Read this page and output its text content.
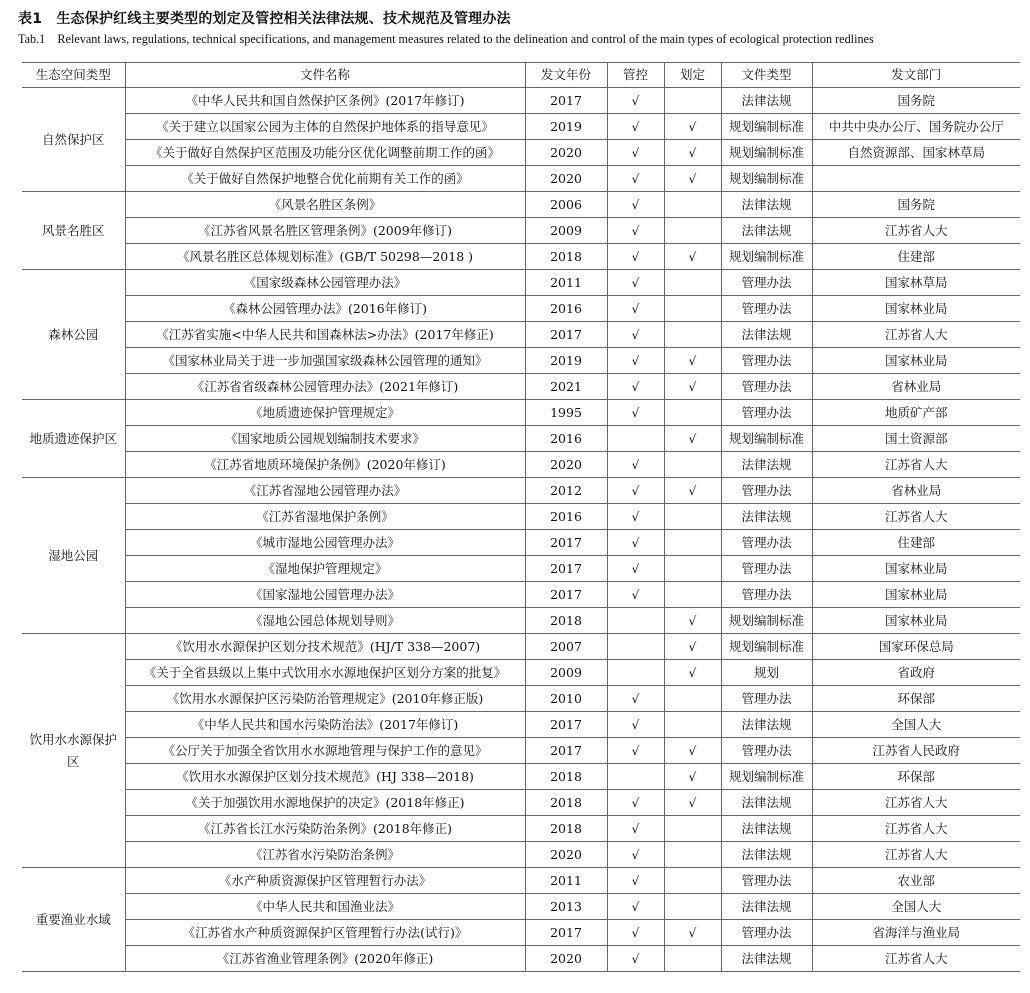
表1　生态保护红线主要类型的划定及管控相关法律法规、技术规范及管理办法
Tab.1　Relevant laws, regulations, technical specifications, and management measures related to the delineation and control of the main types of ecological protection redlines
生态空间类型	文件名称	发文年份	管控	划定	文件类型	发文部门
自然保护区	《中华人民共和国自然保护区条例》(2017年修订)	2017	√		法律法规	国务院
	《关于建立以国家公园为主体的自然保护地体系的指导意见》	2019	√	√	规划编制标准	中共中央办公厅、国务院办公厅
	《关于做好自然保护区范围及功能分区优化调整前期工作的函》	2020	√	√	规划编制标准	自然资源部、国家林草局
	《关于做好自然保护地整合优化前期有关工作的函》	2020	√	√	规划编制标准	
风景名胜区	《风景名胜区条例》	2006	√		法律法规	国务院
	《江苏省风景名胜区管理条例》(2009年修订)	2009	√		法律法规	江苏省人大
	《风景名胜区总体规划标准》(GB/T 50298—2018 )	2018	√	√	规划编制标准	住建部
森林公园	《国家级森林公园管理办法》	2011	√		管理办法	国家林草局
	《森林公园管理办法》(2016年修订)	2016	√		管理办法	国家林业局
	《江苏省实施<中华人民共和国森林法>办法》(2017年修正)	2017	√		法律法规	江苏省人大
	《国家林业局关于进一步加强国家级森林公园管理的通知》	2019	√	√	管理办法	国家林业局
	《江苏省省级森林公园管理办法》(2021年修订)	2021	√	√	管理办法	省林业局
地质遗迹保护区	《地质遗迹保护管理规定》	1995	√		管理办法	地质矿产部
	《国家地质公园规划编制技术要求》	2016		√	规划编制标准	国土资源部
	《江苏省地质环境保护条例》(2020年修订)	2020	√		法律法规	江苏省人大
湿地公园	《江苏省湿地公园管理办法》	2012	√	√	管理办法	省林业局
	《江苏省湿地保护条例》	2016	√		法律法规	江苏省人大
	《城市湿地公园管理办法》	2017	√		管理办法	住建部
	《湿地保护管理规定》	2017	√		管理办法	国家林业局
	《国家湿地公园管理办法》	2017	√		管理办法	国家林业局
	《湿地公园总体规划导则》	2018		√	规划编制标准	国家林业局
饮用水水源保护区	《饮用水水源保护区划分技术规范》(HJ/T 338—2007)	2007		√	规划编制标准	国家环保总局
	《关于全省县级以上集中式饮用水水源地保护区划分方案的批复》	2009		√	规划	省政府
	《饮用水水源保护区污染防治管理规定》(2010年修正版)	2010	√		管理办法	环保部
	《中华人民共和国水污染防治法》(2017年修订)	2017	√		法律法规	全国人大
	《公厅关于加强全省饮用水水源地管理与保护工作的意见》	2017	√	√	管理办法	江苏省人民政府
	《饮用水水源保护区划分技术规范》(HJ 338—2018)	2018		√	规划编制标准	环保部
	《关于加强饮用水源地保护的决定》(2018年修正)	2018	√	√	法律法规	江苏省人大
	《江苏省长江水污染防治条例》(2018年修正)	2018	√		法律法规	江苏省人大
	《江苏省水污染防治条例》	2020	√		法律法规	江苏省人大
重要渔业水域	《水产种质资源保护区管理暂行办法》	2011	√		管理办法	农业部
	《中华人民共和国渔业法》	2013	√		法律法规	全国人大
	《江苏省水产种质资源保护区管理暂行办法(试行)》	2017	√	√	管理办法	省海洋与渔业局
	《江苏省渔业管理条例》(2020年修正)	2020	√		法律法规	江苏省人大
